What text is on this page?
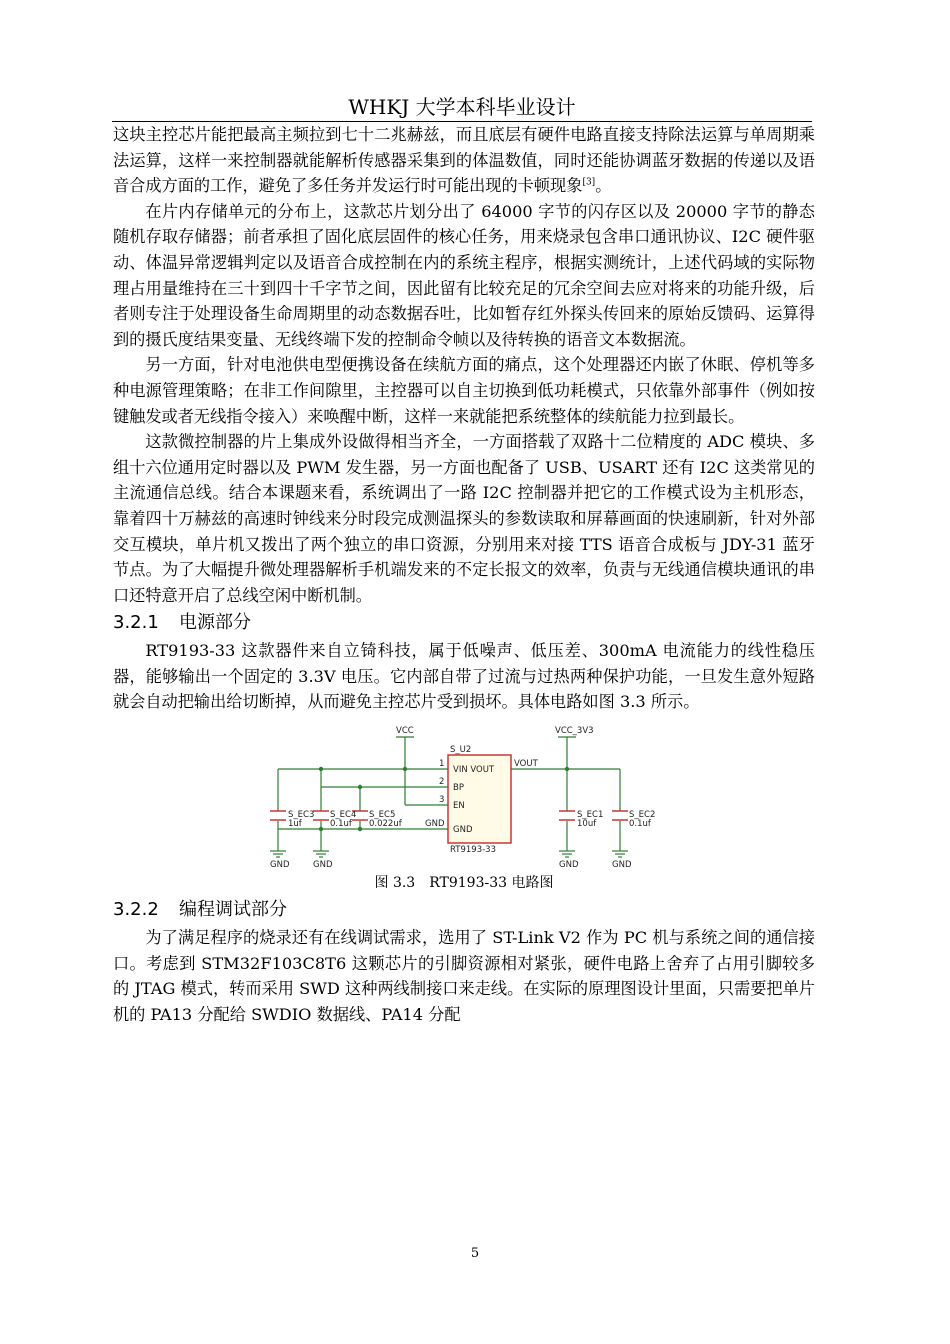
WHKJ 大学本科毕业设计

这块主控芯片能把最高主频拉到七十二兆赫兹，而且底层有硬件电路直接支持除法运算与单周期乘法运算，这样一来控制器就能解析传感器采集到的体温数值，同时还能协调蓝牙数据的传递以及语音合成方面的工作，避免了多任务并发运行时可能出现的卡顿现象[3]。

在片内存储单元的分布上，这款芯片划分出了 64000 字节的闪存区以及 20000 字节的静态随机存取存储器；前者承担了固化底层固件的核心任务，用来烧录包含串口通讯协议、I2C 硬件驱动、体温异常逻辑判定以及语音合成控制在内的系统主程序，根据实测统计，上述代码域的实际物理占用量维持在三十到四十千字节之间，因此留有比较充足的冗余空间去应对将来的功能升级，后者则专注于处理设备生命周期里的动态数据吞吐，比如暂存红外探头传回来的原始反馈码、运算得到的摄氏度结果变量、无线终端下发的控制命令帧以及待转换的语音文本数据流。

另一方面，针对电池供电型便携设备在续航方面的痛点，这个处理器还内嵌了休眠、停机等多种电源管理策略；在非工作间隙里，主控器可以自主切换到低功耗模式，只依靠外部事件（例如按键触发或者无线指令接入）来唤醒中断，这样一来就能把系统整体的续航能力拉到最长。

这款微控制器的片上集成外设做得相当齐全，一方面搭载了双路十二位精度的 ADC 模块、多组十六位通用定时器以及 PWM 发生器，另一方面也配备了 USB、USART 还有 I2C 这类常见的主流通信总线。结合本课题来看，系统调出了一路 I2C 控制器并把它的工作模式设为主机形态，靠着四十万赫兹的高速时钟线来分时段完成测温探头的参数读取和屏幕画面的快速刷新，针对外部交互模块，单片机又拨出了两个独立的串口资源，分别用来对接 TTS 语音合成板与 JDY-31 蓝牙节点。为了大幅提升微处理器解析手机端发来的不定长报文的效率，负责与无线通信模块通讯的串口还特意开启了总线空闲中断机制。

3.2.1 电源部分

RT9193-33 这款器件来自立锜科技，属于低噪声、低压差、300mA 电流能力的线性稳压器，能够输出一个固定的 3.3V 电压。它内部自带了过流与过热两种保护功能，一旦发生意外短路就会自动把输出给切断掉，从而避免主控芯片受到损坏。具体电路如图 3.3 所示。

VCC	VCC_3V3
S_U2
RT9193-33
1
2
3
VIN VOUT
BP
EN
GND
GND
VOUT
S_EC3
1uf
S_EC4
0.1uf
S_EC5
0.022uf
S_EC1
10uf
S_EC2
0.1uf
GND	GND	GND	GND

图 3.3 RT9193-33 电路图

3.2.2 编程调试部分

为了满足程序的烧录还有在线调试需求，选用了 ST-Link V2 作为 PC 机与系统之间的通信接口。考虑到 STM32F103C8T6 这颗芯片的引脚资源相对紧张，硬件电路上舍弃了占用引脚较多的 JTAG 模式，转而采用 SWD 这种两线制接口来走线。在实际的原理图设计里面，只需要把单片机的 PA13 分配给 SWDIO 数据线、PA14 分配

5
